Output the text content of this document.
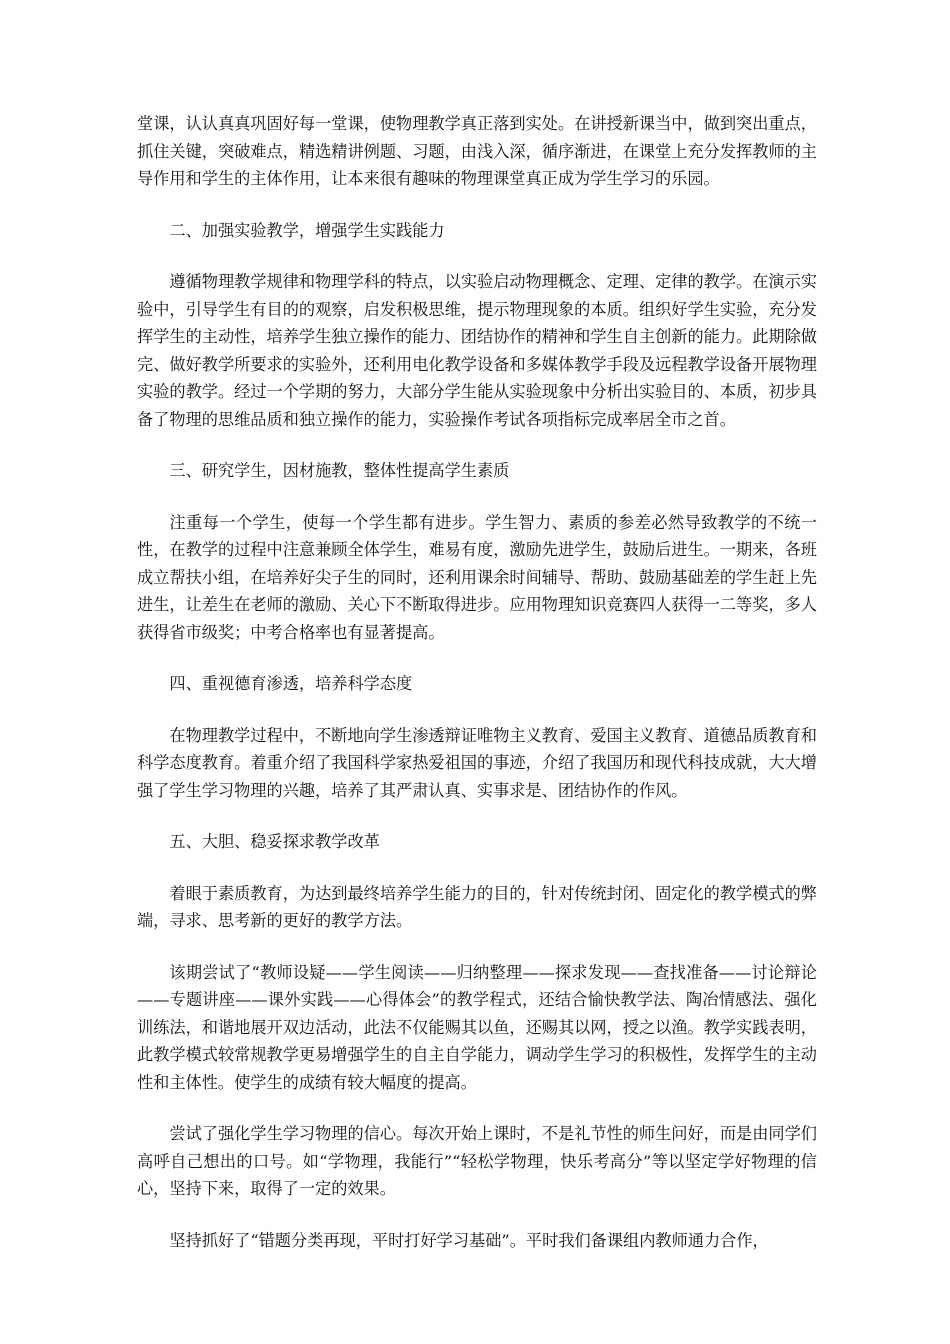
堂课，认认真真巩固好每一堂课，使物理教学真正落到实处。在讲授新课当中，做到突出重点，抓住关键，突破难点，精选精讲例题、习题，由浅入深，循序渐进，在课堂上充分发挥教师的主导作用和学生的主体作用，让本来很有趣味的物理课堂真正成为学生学习的乐园。

二、加强实验教学，增强学生实践能力

遵循物理教学规律和物理学科的特点，以实验启动物理概念、定理、定律的教学。在演示实验中，引导学生有目的的观察，启发积极思维，提示物理现象的本质。组织好学生实验，充分发挥学生的主动性，培养学生独立操作的能力、团结协作的精神和学生自主创新的能力。此期除做完、做好教学所要求的实验外，还利用电化教学设备和多媒体教学手段及远程教学设备开展物理实验的教学。经过一个学期的努力，大部分学生能从实验现象中分析出实验目的、本质，初步具备了物理的思维品质和独立操作的能力，实验操作考试各项指标完成率居全市之首。

三、研究学生，因材施教，整体性提高学生素质

注重每一个学生，使每一个学生都有进步。学生智力、素质的参差必然导致教学的不统一性，在教学的过程中注意兼顾全体学生，难易有度，激励先进学生，鼓励后进生。一期来，各班成立帮扶小组，在培养好尖子生的同时，还利用课余时间辅导、帮助、鼓励基础差的学生赶上先进生，让差生在老师的激励、关心下不断取得进步。应用物理知识竞赛四人获得一二等奖，多人获得省市级奖；中考合格率也有显著提高。

四、重视德育渗透，培养科学态度

在物理教学过程中，不断地向学生渗透辩证唯物主义教育、爱国主义教育、道德品质教育和科学态度教育。着重介绍了我国科学家热爱祖国的事迹，介绍了我国历和现代科技成就，大大增强了学生学习物理的兴趣，培养了其严肃认真、实事求是、团结协作的作风。

五、大胆、稳妥探求教学改革

着眼于素质教育，为达到最终培养学生能力的目的，针对传统封闭、固定化的教学模式的弊端，寻求、思考新的更好的教学方法。

该期尝试了“教师设疑——学生阅读——归纳整理——探求发现——查找准备——讨论辩论——专题讲座——课外实践——心得体会”的教学程式，还结合愉快教学法、陶冶情感法、强化训练法，和谐地展开双边活动，此法不仅能赐其以鱼，还赐其以网，授之以渔。教学实践表明，此教学模式较常规教学更易增强学生的自主自学能力，调动学生学习的积极性，发挥学生的主动性和主体性。使学生的成绩有较大幅度的提高。

尝试了强化学生学习物理的信心。每次开始上课时，不是礼节性的师生问好，而是由同学们高呼自己想出的口号。如“学物理，我能行”“轻松学物理，快乐考高分”等以坚定学好物理的信心，坚持下来，取得了一定的效果。

坚持抓好了“错题分类再现，平时打好学习基础”。平时我们备课组内教师通力合作，
